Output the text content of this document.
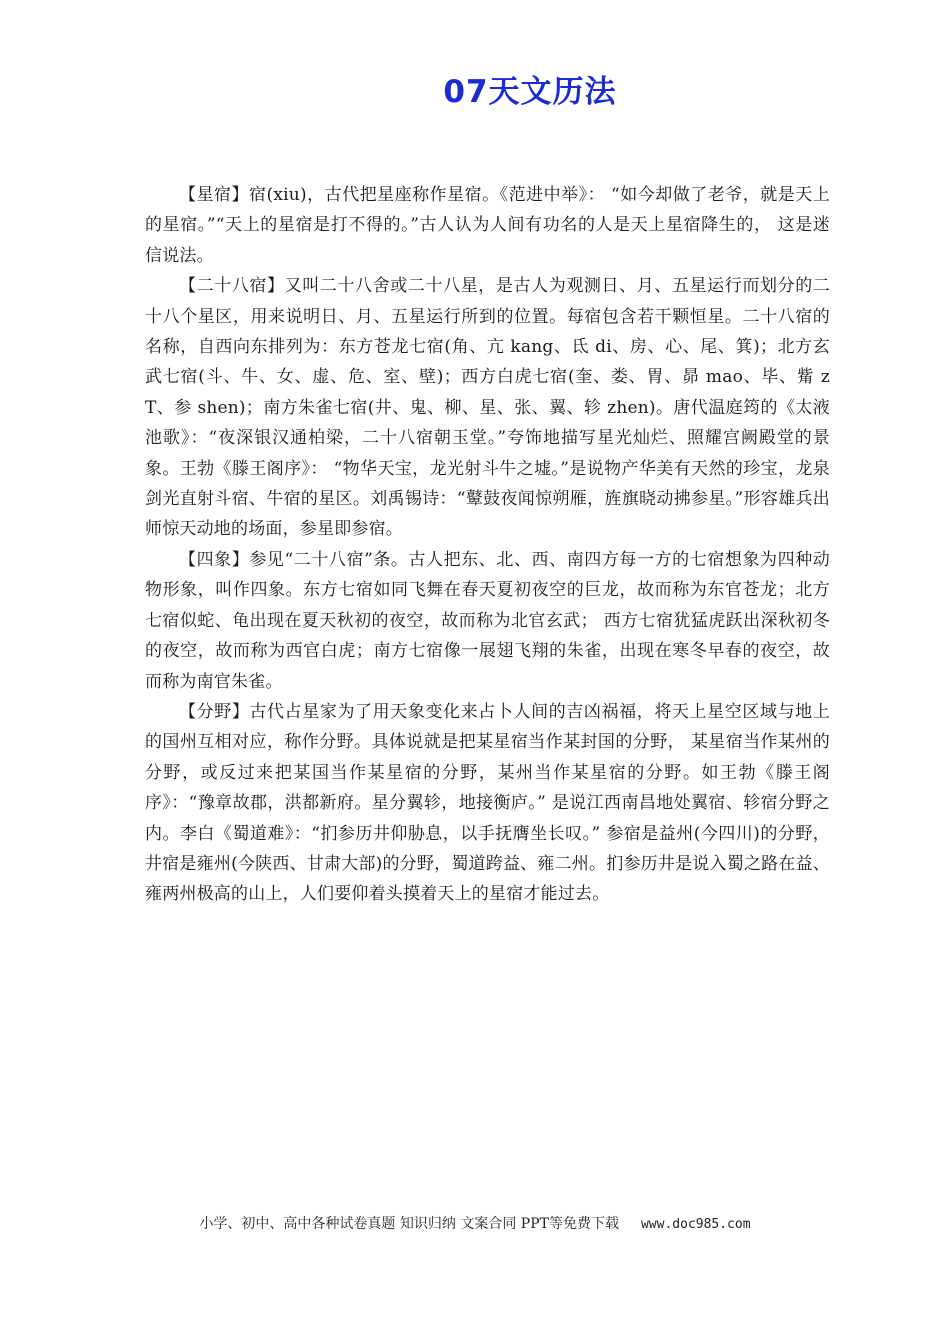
07天文历法

【星宿】宿(xiu)，古代把星座称作星宿。《范进中举》： “如今却做了老爷，就是天上的星宿。”“天上的星宿是打不得的。”古人认为人间有功名的人是天上星宿降生的， 这是迷信说法。

【二十八宿】又叫二十八舍或二十八星，是古人为观测日、月、五星运行而划分的二十八个星区，用来说明日、月、五星运行所到的位置。每宿包含若干颗恒星。二十八宿的名称，自西向东排列为：东方苍龙七宿(角、亢 kang、氐 di、房、心、尾、箕)；北方玄武七宿(斗、牛、女、虚、危、室、壁)；西方白虎七宿(奎、娄、胃、昴 mao、毕、觜 zT、参 shen)；南方朱雀七宿(井、鬼、柳、星、张、翼、轸 zhen)。唐代温庭筠的《太液池歌》：“夜深银汉通柏梁，二十八宿朝玉堂。”夸饰地描写星光灿烂、照耀宫阙殿堂的景象。王勃《滕王阁序》： “物华天宝，龙光射斗牛之墟。”是说物产华美有天然的珍宝，龙泉剑光直射斗宿、牛宿的星区。刘禹锡诗：“鼙鼓夜闻惊朔雁，旌旗晓动拂参星。”形容雄兵出师惊天动地的场面，参星即参宿。

【四象】参见“二十八宿”条。古人把东、北、西、南四方每一方的七宿想象为四种动物形象，叫作四象。东方七宿如同飞舞在春天夏初夜空的巨龙，故而称为东官苍龙；北方七宿似蛇、龟出现在夏天秋初的夜空，故而称为北官玄武； 西方七宿犹猛虎跃出深秋初冬的夜空，故而称为西官白虎；南方七宿像一展翅飞翔的朱雀，出现在寒冬早春的夜空，故而称为南官朱雀。

【分野】古代占星家为了用天象变化来占卜人间的吉凶祸福，将天上星空区域与地上的国州互相对应，称作分野。具体说就是把某星宿当作某封国的分野， 某星宿当作某州的分野，或反过来把某国当作某星宿的分野，某州当作某星宿的分野。如王勃《滕王阁序》：“豫章故郡，洪都新府。星分翼轸，地接衡庐。” 是说江西南昌地处翼宿、轸宿分野之内。李白《蜀道难》：“扪参历井仰胁息，以手抚膺坐长叹。” 参宿是益州(今四川)的分野，井宿是雍州(今陕西、甘肃大部)的分野，蜀道跨益、雍二州。扪参历井是说入蜀之路在益、雍两州极高的山上，人们要仰着头摸着天上的星宿才能过去。

小学、初中、高中各种试卷真题 知识归纳 文案合同 PPT等免费下载 www.doc985.com
